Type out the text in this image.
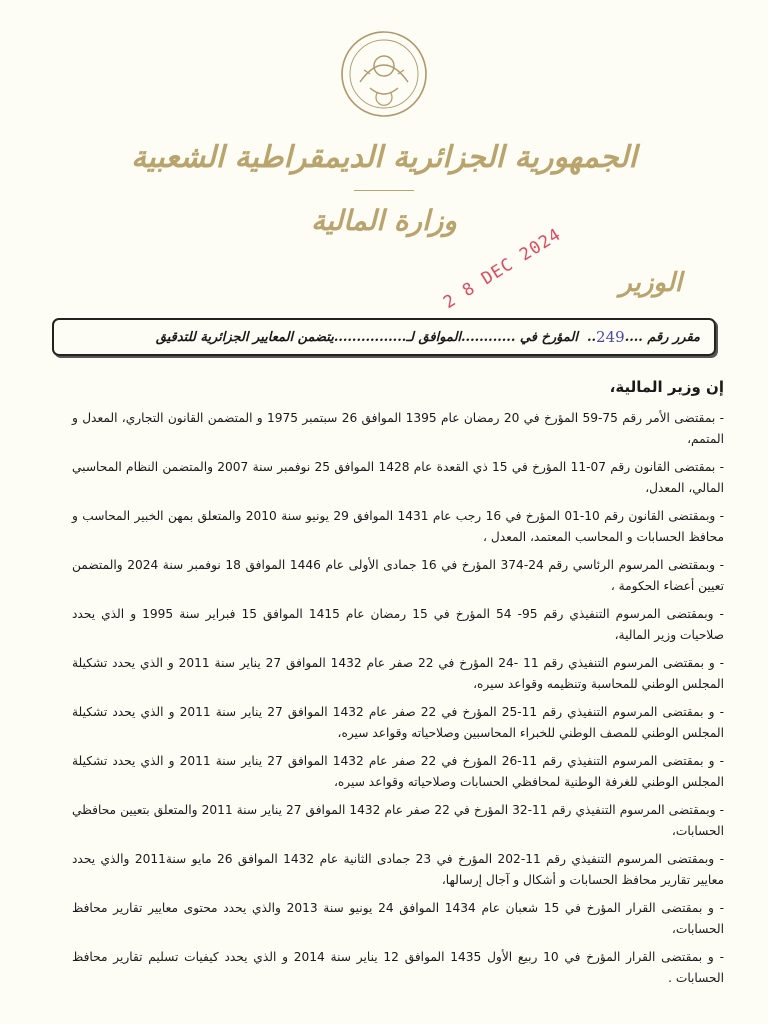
الجمهورية الجزائرية الديمقراطية الشعبية
وزارة المالية
الوزير
2 8 DEC 2024
مقرر رقم
....
249
..
المؤرخ في
............
الموافق لـ
................
يتضمن المعايير الجزائرية للتدقيق
إن وزير المالية،
- بمقتضى الأمر رقم 75-59 المؤرخ في 20 رمضان عام 1395 الموافق 26 سبتمبر 1975 و المتضمن القانون التجاري، المعدل و المتمم،
- بمقتضى القانون رقم 07-11 المؤرخ في 15 ذي القعدة عام 1428 الموافق 25 نوفمبر سنة 2007 والمتضمن النظام المحاسبي المالي، المعدل،
- وبمقتضى القانون رقم 10-01 المؤرخ في 16 رجب عام 1431 الموافق 29 يونيو سنة 2010 والمتعلق بمهن الخبير المحاسب و محافظ الحسابات و المحاسب المعتمد، المعدل ،
- وبمقتضى المرسوم الرئاسي رقم 24-374 المؤرخ في 16 جمادى الأولى عام 1446 الموافق 18 نوفمبر سنة 2024 والمتضمن تعيين أعضاء الحكومة ،
- وبمقتضى المرسوم التنفيذي رقم 95- 54 المؤرخ في 15 رمضان عام 1415 الموافق 15 فبراير سنة 1995 و الذي يحدد صلاحيات وزير المالية،
- و بمقتضى المرسوم التنفيذي رقم 11 -24 المؤرخ في 22 صفر عام 1432 الموافق 27 يناير سنة 2011 و الذي يحدد تشكيلة المجلس الوطني للمحاسبة وتنظيمه وقواعد سيره،
- و بمقتضى المرسوم التنفيذي رقم 11-25 المؤرخ في 22 صفر عام 1432 الموافق 27 يناير سنة 2011 و الذي يحدد تشكيلة المجلس الوطني للمصف الوطني للخبراء المحاسبين وصلاحياته وقواعد سيره،
- و بمقتضى المرسوم التنفيذي رقم 11-26 المؤرخ في 22 صفر عام 1432 الموافق 27 يناير سنة 2011 و الذي يحدد تشكيلة المجلس الوطني للغرفة الوطنية لمحافظي الحسابات وصلاحياته وقواعد سيره،
- وبمقتضى المرسوم التنفيذي رقم 11-32 المؤرخ في 22 صفر عام 1432 الموافق 27 يناير سنة 2011 والمتعلق بتعيين محافظي الحسابات،
- وبمقتضى المرسوم التنفيذي رقم 11-202 المؤرخ في 23 جمادى الثانية عام 1432 الموافق 26 مايو سنة2011 والذي يحدد معايير تقارير محافظ الحسابات و أشكال و آجال إرسالها،
- و بمقتضى القرار المؤرخ في 15 شعبان عام 1434 الموافق 24 يونيو سنة 2013 والذي يحدد محتوى معايير تقارير محافظ الحسابات،
- و بمقتضى القرار المؤرخ في 10 ربيع الأول 1435 الموافق 12 يناير سنة 2014 و الذي يحدد كيفيات تسليم تقارير محافظ الحسابات .
